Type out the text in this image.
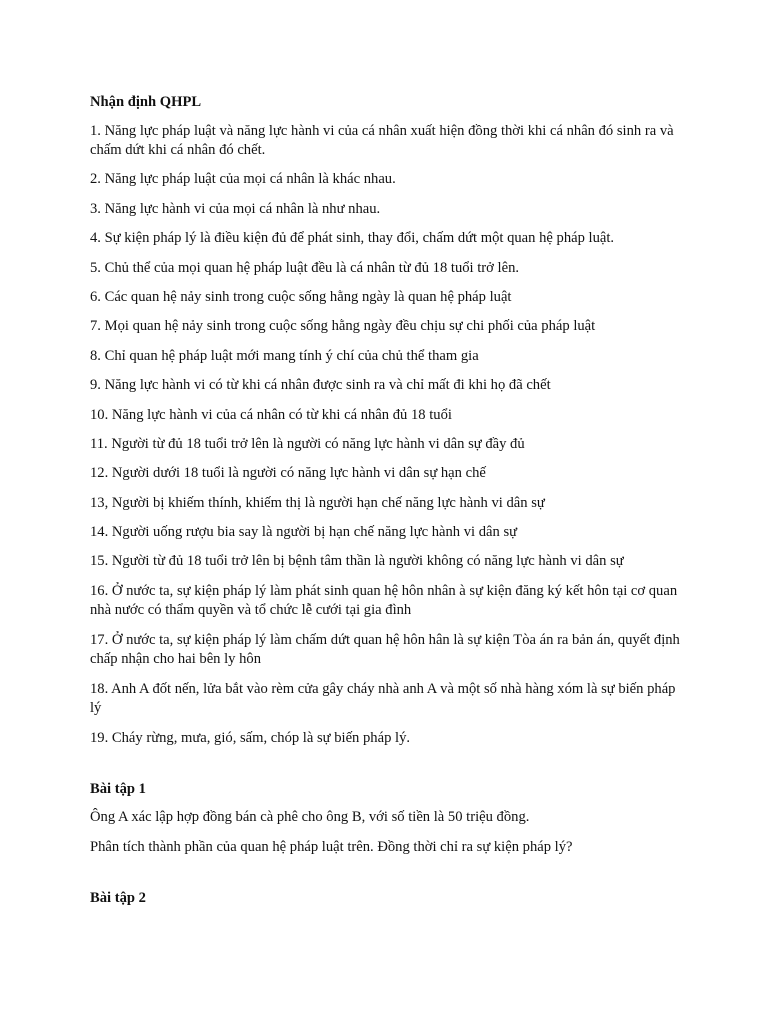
Nhận định QHPL

1. Năng lực pháp luật và năng lực hành vi của cá nhân xuất hiện đồng thời khi cá nhân đó sinh ra và chấm dứt khi cá nhân đó chết.

2. Năng lực pháp luật của mọi cá nhân là khác nhau.

3. Năng lực hành vi của mọi cá nhân là như nhau.

4. Sự kiện pháp lý là điều kiện đủ để phát sinh, thay đổi, chấm dứt một quan hệ pháp luật.

5. Chủ thể của mọi quan hệ pháp luật đều là cá nhân từ đủ 18 tuổi trở lên.

6. Các quan hệ nảy sinh trong cuộc sống hằng ngày là quan hệ pháp luật

7. Mọi quan hệ nảy sinh trong cuộc sống hằng ngày đều chịu sự chi phối của pháp luật

8. Chỉ quan hệ pháp luật mới mang tính ý chí của chủ thể tham gia

9. Năng lực hành vi có từ khi cá nhân được sinh ra và chỉ mất đi khi họ đã chết

10. Năng lực hành vi của cá nhân có từ khi cá nhân đủ 18 tuổi

11. Người từ đủ 18 tuổi trở lên là người có năng lực hành vi dân sự đầy đủ

12. Người dưới 18 tuổi là người có năng lực hành vi dân sự hạn chế

13, Người bị khiếm thính, khiếm thị là người hạn chế năng lực hành vi dân sự

14. Người uống rượu bia say là người bị hạn chế năng lực hành vi dân sự

15. Người từ đủ 18 tuổi trở lên bị bệnh tâm thần là người không có năng lực hành vi dân sự

16. Ở nước ta, sự kiện pháp lý làm phát sinh quan hệ hôn nhân à sự kiện đăng ký kết hôn tại cơ quan nhà nước có thẩm quyền và tổ chức lễ cưới tại gia đình

17. Ở nước ta, sự kiện pháp lý làm chấm dứt quan hệ hôn hân là sự kiện Tòa án ra bản án, quyết định chấp nhận cho hai bên ly hôn

18. Anh A đốt nến, lửa bắt vào rèm cửa gây cháy nhà anh A và một số nhà hàng xóm là sự biến pháp lý

19. Cháy rừng, mưa, gió, sấm, chóp là sự biến pháp lý.

Bài tập 1

Ông A xác lập hợp đồng bán cà phê cho ông B, với số tiền là 50 triệu đồng.

Phân tích thành phần của quan hệ pháp luật trên. Đồng thời chỉ ra sự kiện pháp lý?

Bài tập 2
